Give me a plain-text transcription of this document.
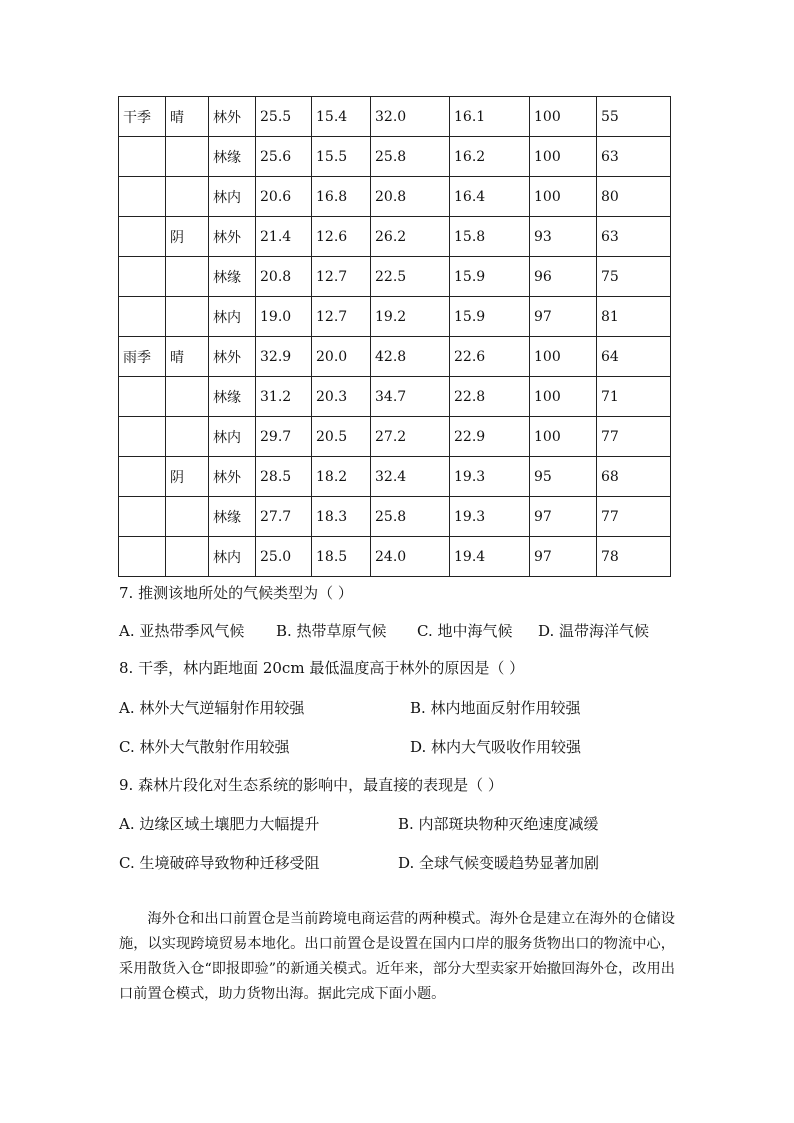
干季	晴	林外	25.5	15.4	32.0	16.1	100	55
		林缘	25.6	15.5	25.8	16.2	100	63
		林内	20.6	16.8	20.8	16.4	100	80
	阴	林外	21.4	12.6	26.2	15.8	93	63
		林缘	20.8	12.7	22.5	15.9	96	75
		林内	19.0	12.7	19.2	15.9	97	81
雨季	晴	林外	32.9	20.0	42.8	22.6	100	64
		林缘	31.2	20.3	34.7	22.8	100	71
		林内	29.7	20.5	27.2	22.9	100	77
	阴	林外	28.5	18.2	32.4	19.3	95	68
		林缘	27.7	18.3	25.8	19.3	97	77
		林内	25.0	18.5	24.0	19.4	97	78
7. 推测该地所处的气候类型为（ ）
A. 亚热带季风气候 B. 热带草原气候 C. 地中海气候 D. 温带海洋气候
8. 干季，林内距地面 20cm 最低温度高于林外的原因是（ ）
A. 林外大气逆辐射作用较强	B. 林内地面反射作用较强
C. 林外大气散射作用较强	D. 林内大气吸收作用较强
9. 森林片段化对生态系统的影响中，最直接的表现是（ ）
A. 边缘区域土壤肥力大幅提升	B. 内部斑块物种灭绝速度减缓
C. 生境破碎导致物种迁移受阻	D. 全球气候变暖趋势显著加剧

海外仓和出口前置仓是当前跨境电商运营的两种模式。海外仓是建立在海外的仓储设施，以实现跨境贸易本地化。出口前置仓是设置在国内口岸的服务货物出口的物流中心，采用散货入仓“即报即验”的新通关模式。近年来，部分大型卖家开始撤回海外仓，改用出口前置仓模式，助力货物出海。据此完成下面小题。
